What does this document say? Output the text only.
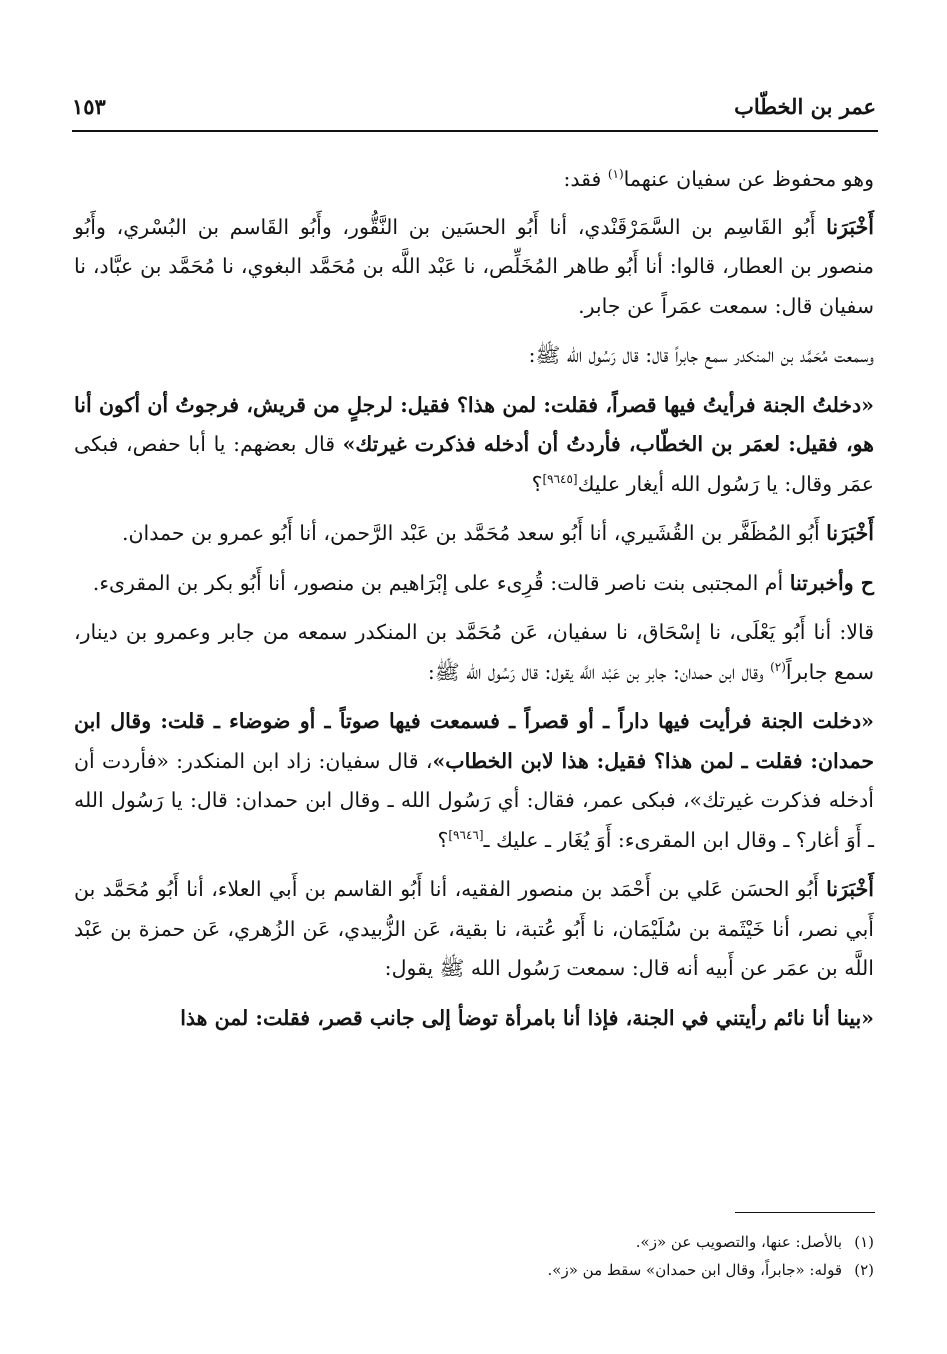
عمر بن الخطّاب
١٥٣

وهو محفوظ عن سفيان عنهما$^{(١)}$ فقد:

أَخْبَرَنا أَبُو القَاسِم بن السَّمَرْقَنْدي، أنا أَبُو الحسَين بن النَّقُّور، وأَبُو القَاسم بن البُسْري، وأَبُو منصور بن العطار، قالوا: أنا أَبُو طاهر المُخَلِّص، نا عَبْد اللَّه بن مُحَمَّد البغوي، نا مُحَمَّد بن عبَّاد، نا سفيان قال: سمعت عمَراً عن جابر.

وسمعت مُحَمَّد بن المنكدر سمع جابراً قال: قال رَسُول الله ﷺ:

«دخلتُ الجنة فرأيتُ فيها قصراً، فقلت: لمن هذا؟ فقيل: لرجلٍ من قريش، فرجوتُ أن أكون أنا هو، فقيل: لعمَر بن الخطّاب، فأردتُ أن أدخله فذكرت غيرتك» قال بعضهم: يا أبا حفص، فبكى عمَر وقال: يا رَسُول الله أيغار عليك[٩٦٤٥]؟

أَخْبَرَنا أَبُو المُظَفَّر بن القُشَيري، أنا أَبُو سعد مُحَمَّد بن عَبْد الرَّحمن، أنا أَبُو عمرو بن حمدان.

ح وأخبرتنا أم المجتبى بنت ناصر قالت: قُرِىء على إبْرَاهيم بن منصور، أنا أَبُو بكر بن المقرىء.

قالا: أنا أَبُو يَعْلَى، نا إسْحَاق، نا سفيان، عَن مُحَمَّد بن المنكدر سمعه من جابر وعمرو بن دينار، سمع جابراً$^{(٢)}$ وقال ابن حمدان: جابر بن عَبْد اللَّه يقول: قال رَسُول الله ﷺ:

«دخلت الجنة فرأيت فيها داراً ـ أو قصراً ـ فسمعت فيها صوتاً ـ أو ضوضاء ـ قلت: وقال ابن حمدان: فقلت ـ لمن هذا؟ فقيل: هذا لابن الخطاب»، قال سفيان: زاد ابن المنكدر: «فأردت أن أدخله فذكرت غيرتك»، فبكى عمر، فقال: أي رَسُول الله ـ وقال ابن حمدان: قال: يا رَسُول الله ـ أَوَ أغار؟ ـ وقال ابن المقرىء: أَوَ يُغَار ـ عليك ـ[٩٦٤٦]؟

أَخْبَرَنا أَبُو الحسَن عَلي بن أَحْمَد بن منصور الفقيه، أنا أَبُو القاسم بن أَبي العلاء، أنا أَبُو مُحَمَّد بن أَبي نصر، أنا خَيْثَمة بن سُلَيْمَان، نا أَبُو عُتبة، نا بقية، عَن الزُّبيدي، عَن الزُهري، عَن حمزة بن عَبْد اللَّه بن عمَر عن أَبيه أنه قال: سمعت رَسُول الله ﷺ يقول:

«بينا أنا نائم رأيتني في الجنة، فإذا أنا بامرأة توضأ إلى جانب قصر، فقلت: لمن هذا

(١)بالأصل: عنها، والتصويب عن «ز».

(٢)قوله: «جابراً، وقال ابن حمدان» سقط من «ز».
